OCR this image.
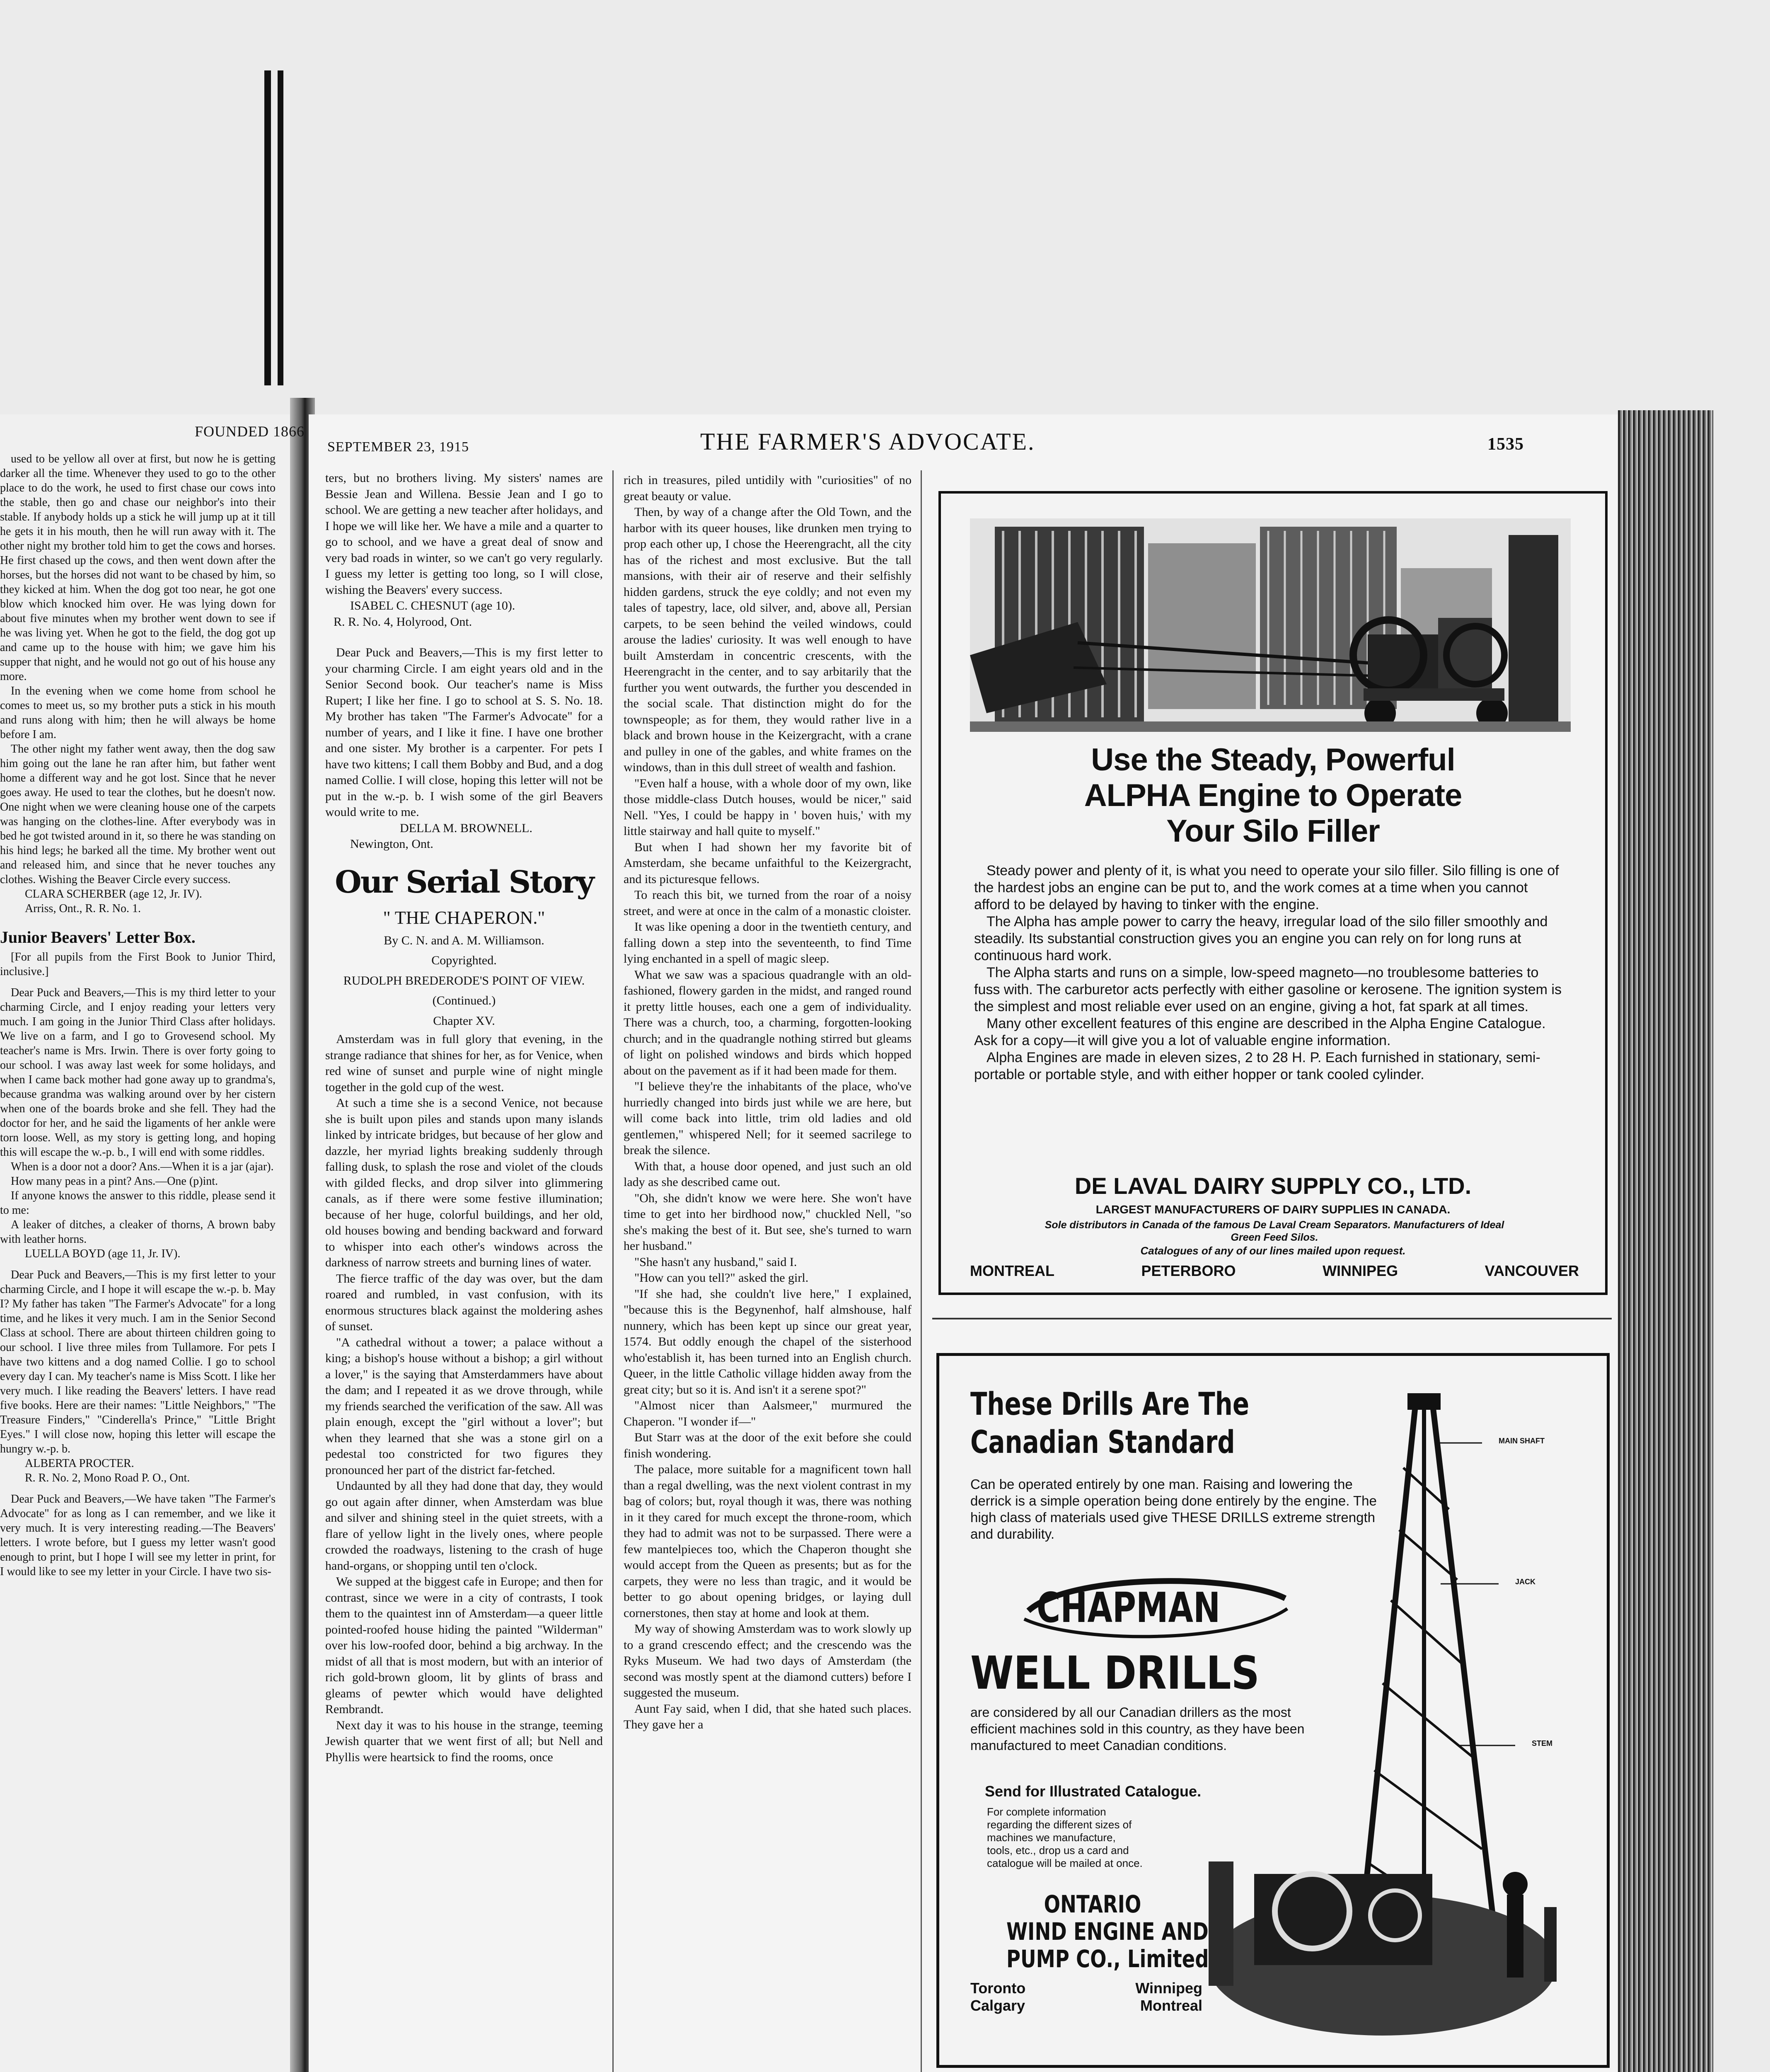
FOUNDED 1866

used to be yellow all over at first, but now he is getting darker all the time. Whenever they used to go to the other place to do the work, he used to first chase our cows into the stable, then go and chase our neighbor's into their stable. If anybody holds up a stick he will jump up at it till he gets it in his mouth, then he will run away with it. The other night my brother told him to get the cows and horses. He first chased up the cows, and then went down after the horses, but the horses did not want to be chased by him, so they kicked at him. When the dog got too near, he got one blow which knocked him over. He was lying down for about five minutes when my brother went down to see if he was living yet. When he got to the field, the dog got up and came up to the house with him; we gave him his supper that night, and he would not go out of his house any more.

In the evening when we come home from school he comes to meet us, so my brother puts a stick in his mouth and runs along with him; then he will always be home before I am.

The other night my father went away, then the dog saw him going out the lane he ran after him, but father went home a different way and he got lost. Since that he never goes away. He used to tear the clothes, but he doesn't now. One night when we were cleaning house one of the carpets was hanging on the clothes-line. After everybody was in bed he got twisted around in it, so there he was standing on his hind legs; he barked all the time. My brother went out and released him, and since that he never touches any clothes. Wishing the Beaver Circle every success.

CLARA SCHERBER (age 12, Jr. IV).

Arriss, Ont., R. R. No. 1.

Junior Beavers' Letter Box.

[For all pupils from the First Book to Junior Third, inclusive.]

Dear Puck and Beavers,—This is my third letter to your charming Circle, and I enjoy reading your letters very much. I am going in the Junior Third Class after holidays. We live on a farm, and I go to Grovesend school. My teacher's name is Mrs. Irwin. There is over forty going to our school. I was away last week for some holidays, and when I came back mother had gone away up to grandma's, because grandma was walking around over by her cistern when one of the boards broke and she fell. They had the doctor for her, and he said the ligaments of her ankle were torn loose. Well, as my story is getting long, and hoping this will escape the w.-p. b., I will end with some riddles.

When is a door not a door? Ans.—When it is a jar (ajar).

How many peas in a pint? Ans.—One (p)int.

If anyone knows the answer to this riddle, please send it to me:

A leaker of ditches, a cleaker of thorns, A brown baby with leather horns.

LUELLA BOYD (age 11, Jr. IV).

Dear Puck and Beavers,—This is my first letter to your charming Circle, and I hope it will escape the w.-p. b. May I? My father has taken "The Farmer's Advocate" for a long time, and he likes it very much. I am in the Senior Second Class at school. There are about thirteen children going to our school. I live three miles from Tullamore. For pets I have two kittens and a dog named Collie. I go to school every day I can. My teacher's name is Miss Scott. I like her very much. I like reading the Beavers' letters. I have read five books. Here are their names: "Little Neighbors," "The Treasure Finders," "Cinderella's Prince," "Little Bright Eyes." I will close now, hoping this letter will escape the hungry w.-p. b.

ALBERTA PROCTER.

R. R. No. 2, Mono Road P. O., Ont.

Dear Puck and Beavers,—We have taken "The Farmer's Advocate" for as long as I can remember, and we like it very much. It is very interesting reading.—The Beavers' letters. I wrote before, but I guess my letter wasn't good enough to print, but I hope I will see my letter in print, for I would like to see my letter in your Circle. I have two sis-

SEPTEMBER 23, 1915	THE FARMER'S ADVOCATE.	1535

ters, but no brothers living. My sisters' names are Bessie Jean and Willena. Bessie Jean and I go to school. We are getting a new teacher after holidays, and I hope we will like her. We have a mile and a quarter to go to school, and we have a great deal of snow and very bad roads in winter, so we can't go very regularly. I guess my letter is getting too long, so I will close, wishing the Beavers' every success.

ISABEL C. CHESNUT (age 10).

R. R. No. 4, Holyrood, Ont.

Dear Puck and Beavers,—This is my first letter to your charming Circle. I am eight years old and in the Senior Second book. Our teacher's name is Miss Rupert; I like her fine. I go to school at S. S. No. 18. My brother has taken "The Farmer's Advocate" for a number of years, and I like it fine. I have one brother and one sister. My brother is a carpenter. For pets I have two kittens; I call them Bobby and Bud, and a dog named Collie. I will close, hoping this letter will not be put in the w.-p. b. I wish some of the girl Beavers would write to me.

DELLA M. BROWNELL.

Newington, Ont.

Our Serial Story
" THE CHAPERON."

By C. N. and A. M. Williamson.

Copyrighted.

RUDOLPH BREDERODE'S POINT OF VIEW.

(Continued.)

Chapter XV.

Amsterdam was in full glory that evening, in the strange radiance that shines for her, as for Venice, when red wine of sunset and purple wine of night mingle together in the gold cup of the west.

At such a time she is a second Venice, not because she is built upon piles and stands upon many islands linked by intricate bridges, but because of her glow and dazzle, her myriad lights breaking suddenly through falling dusk, to splash the rose and violet of the clouds with gilded flecks, and drop silver into glimmering canals, as if there were some festive illumination; because of her huge, colorful buildings, and her old, old houses bowing and bending backward and forward to whisper into each other's windows across the darkness of narrow streets and burning lines of water.

The fierce traffic of the day was over, but the dam roared and rumbled, in vast confusion, with its enormous structures black against the moldering ashes of sunset.

"A cathedral without a tower; a palace without a king; a bishop's house without a bishop; a girl without a lover," is the saying that Amsterdammers have about the dam; and I repeated it as we drove through, while my friends searched the verification of the saw. All was plain enough, except the "girl without a lover"; but when they learned that she was a stone girl on a pedestal too constricted for two figures they pronounced her part of the district far-fetched.

Undaunted by all they had done that day, they would go out again after dinner, when Amsterdam was blue and silver and shining steel in the quiet streets, with a flare of yellow light in the lively ones, where people crowded the roadways, listening to the crash of huge hand-organs, or shopping until ten o'clock.

We supped at the biggest cafe in Europe; and then for contrast, since we were in a city of contrasts, I took them to the quaintest inn of Amsterdam—a queer little pointed-roofed house hiding the painted "Wilderman" over his low-roofed door, behind a big archway. In the midst of all that is most modern, but with an interior of rich gold-brown gloom, lit by glints of brass and gleams of pewter which would have delighted Rembrandt.

Next day it was to his house in the strange, teeming Jewish quarter that we went first of all; but Nell and Phyllis were heartsick to find the rooms, once

rich in treasures, piled untidily with "curiosities" of no great beauty or value.

Then, by way of a change after the Old Town, and the harbor with its queer houses, like drunken men trying to prop each other up, I chose the Heerengracht, all the city has of the richest and most exclusive. But the tall mansions, with their air of reserve and their selfishly hidden gardens, struck the eye coldly; and not even my tales of tapestry, lace, old silver, and, above all, Persian carpets, to be seen behind the veiled windows, could arouse the ladies' curiosity. It was well enough to have built Amsterdam in concentric crescents, with the Heerengracht in the center, and to say arbitarily that the further you went outwards, the further you descended in the social scale. That distinction might do for the townspeople; as for them, they would rather live in a black and brown house in the Keizergracht, with a crane and pulley in one of the gables, and white frames on the windows, than in this dull street of wealth and fashion.

"Even half a house, with a whole door of my own, like those middle-class Dutch houses, would be nicer," said Nell. "Yes, I could be happy in ' boven huis,' with my little stairway and hall quite to myself."

But when I had shown her my favorite bit of Amsterdam, she became unfaithful to the Keizergracht, and its picturesque fellows.

To reach this bit, we turned from the roar of a noisy street, and were at once in the calm of a monastic cloister.

It was like opening a door in the twentieth century, and falling down a step into the seventeenth, to find Time lying enchanted in a spell of magic sleep.

What we saw was a spacious quadrangle with an old-fashioned, flowery garden in the midst, and ranged round it pretty little houses, each one a gem of individuality. There was a church, too, a charming, forgotten-looking church; and in the quadrangle nothing stirred but gleams of light on polished windows and birds which hopped about on the pavement as if it had been made for them.

"I believe they're the inhabitants of the place, who've hurriedly changed into birds just while we are here, but will come back into little, trim old ladies and old gentlemen," whispered Nell; for it seemed sacrilege to break the silence.

With that, a house door opened, and just such an old lady as she described came out.

"Oh, she didn't know we were here. She won't have time to get into her birdhood now," chuckled Nell, "so she's making the best of it. But see, she's turned to warn her husband."

"She hasn't any husband," said I.

"How can you tell?" asked the girl.

"If she had, she couldn't live here," I explained, "because this is the Begynenhof, half almshouse, half nunnery, which has been kept up since our great year, 1574. But oddly enough the chapel of the sisterhood who'establish it, has been turned into an English church. Queer, in the little Catholic village hidden away from the great city; but so it is. And isn't it a serene spot?"

"Almost nicer than Aalsmeer," murmured the Chaperon. "I wonder if—"

But Starr was at the door of the exit before she could finish wondering.

The palace, more suitable for a magnificent town hall than a regal dwelling, was the next violent contrast in my bag of colors; but, royal though it was, there was nothing in it they cared for much except the throne-room, which they had to admit was not to be surpassed. There were a few mantelpieces too, which the Chaperon thought she would accept from the Queen as presents; but as for the carpets, they were no less than tragic, and it would be better to go about opening bridges, or laying dull cornerstones, then stay at home and look at them.

My way of showing Amsterdam was to work slowly up to a grand crescendo effect; and the crescendo was the Ryks Museum. We had two days of Amsterdam (the second was mostly spent at the diamond cutters) before I suggested the museum.

Aunt Fay said, when I did, that she hated such places. They gave her a

Use the Steady, Powerful
ALPHA Engine to Operate
Your Silo Filler

Steady power and plenty of it, is what you need to operate your silo filler. Silo filling is one of the hardest jobs an engine can be put to, and the work comes at a time when you cannot afford to be delayed by having to tinker with the engine.

The Alpha has ample power to carry the heavy, irregular load of the silo filler smoothly and steadily. Its substantial construction gives you an engine you can rely on for long runs at continuous hard work.

The Alpha starts and runs on a simple, low-speed magneto—no troublesome batteries to fuss with. The carburetor acts perfectly with either gasoline or kerosene. The ignition system is the simplest and most reliable ever used on an engine, giving a hot, fat spark at all times.

Many other excellent features of this engine are described in the Alpha Engine Catalogue. Ask for a copy—it will give you a lot of valuable engine information.

Alpha Engines are made in eleven sizes, 2 to 28 H. P. Each furnished in stationary, semi-portable or portable style, and with either hopper or tank cooled cylinder.

DE LAVAL DAIRY SUPPLY CO., LTD.
LARGEST MANUFACTURERS OF DAIRY SUPPLIES IN CANADA.
Sole distributors in Canada of the famous De Laval Cream Separators. Manufacturers of Ideal Green Feed Silos.
Catalogues of any of our lines mailed upon request.
MONTREAL	PETERBORO	WINNIPEG	VANCOUVER
These Drills Are The
Canadian Standard
Can be operated entirely by one man. Raising and lowering the derrick is a simple operation being done entirely by the engine. The high class of materials used give THESE DRILLS extreme strength and durability.
CHAPMAN
WELL DRILLS
are considered by all our Canadian drillers as the most efficient machines sold in this country, as they have been manufactured to meet Canadian conditions.
Send for Illustrated Catalogue.
For complete information regarding the different sizes of machines we manufacture, tools, etc., drop us a card and catalogue will be mailed at once.
ONTARIO
WIND ENGINE AND
PUMP CO., Limited
Toronto	Winnipeg
Calgary	Montreal
MAIN SHAFT
JACK
STEM
